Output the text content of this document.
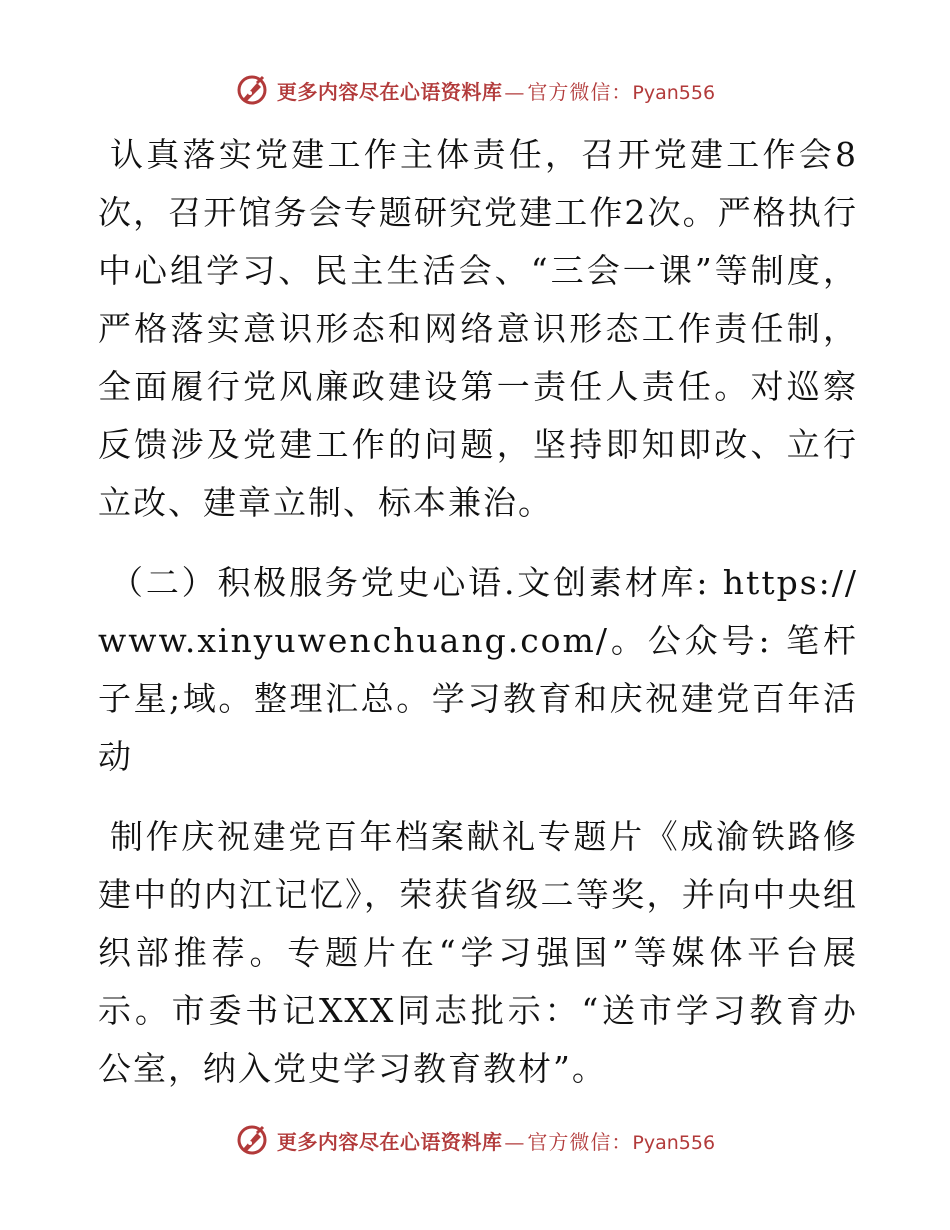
更多内容尽在心语资料库 — 官方微信： Pyan556

认真落实党建工作主体责任，召开党建工作会8次，召开馆务会专题研究党建工作2次。严格执行中心组学习、民主生活会、“三会一课”等制度，严格落实意识形态和网络意识形态工作责任制，全面履行党风廉政建设第一责任人责任。对巡察反馈涉及党建工作的问题，坚持即知即改、立行立改、建章立制、标本兼治。

（二）积极服务党史心语.文创素材库: https://www.xinyuwenchuang.com/。公众号: 笔杆子星;域。整理汇总。学习教育和庆祝建党百年活动

制作庆祝建党百年档案献礼专题片《成渝铁路修建中的内江记忆》，荣获省级二等奖，并向中央组织部推荐。专题片在“学习强国”等媒体平台展示。市委书记XXX同志批示：“送市学习教育办公室，纳入党史学习教育教材”。

更多内容尽在心语资料库 — 官方微信： Pyan556
